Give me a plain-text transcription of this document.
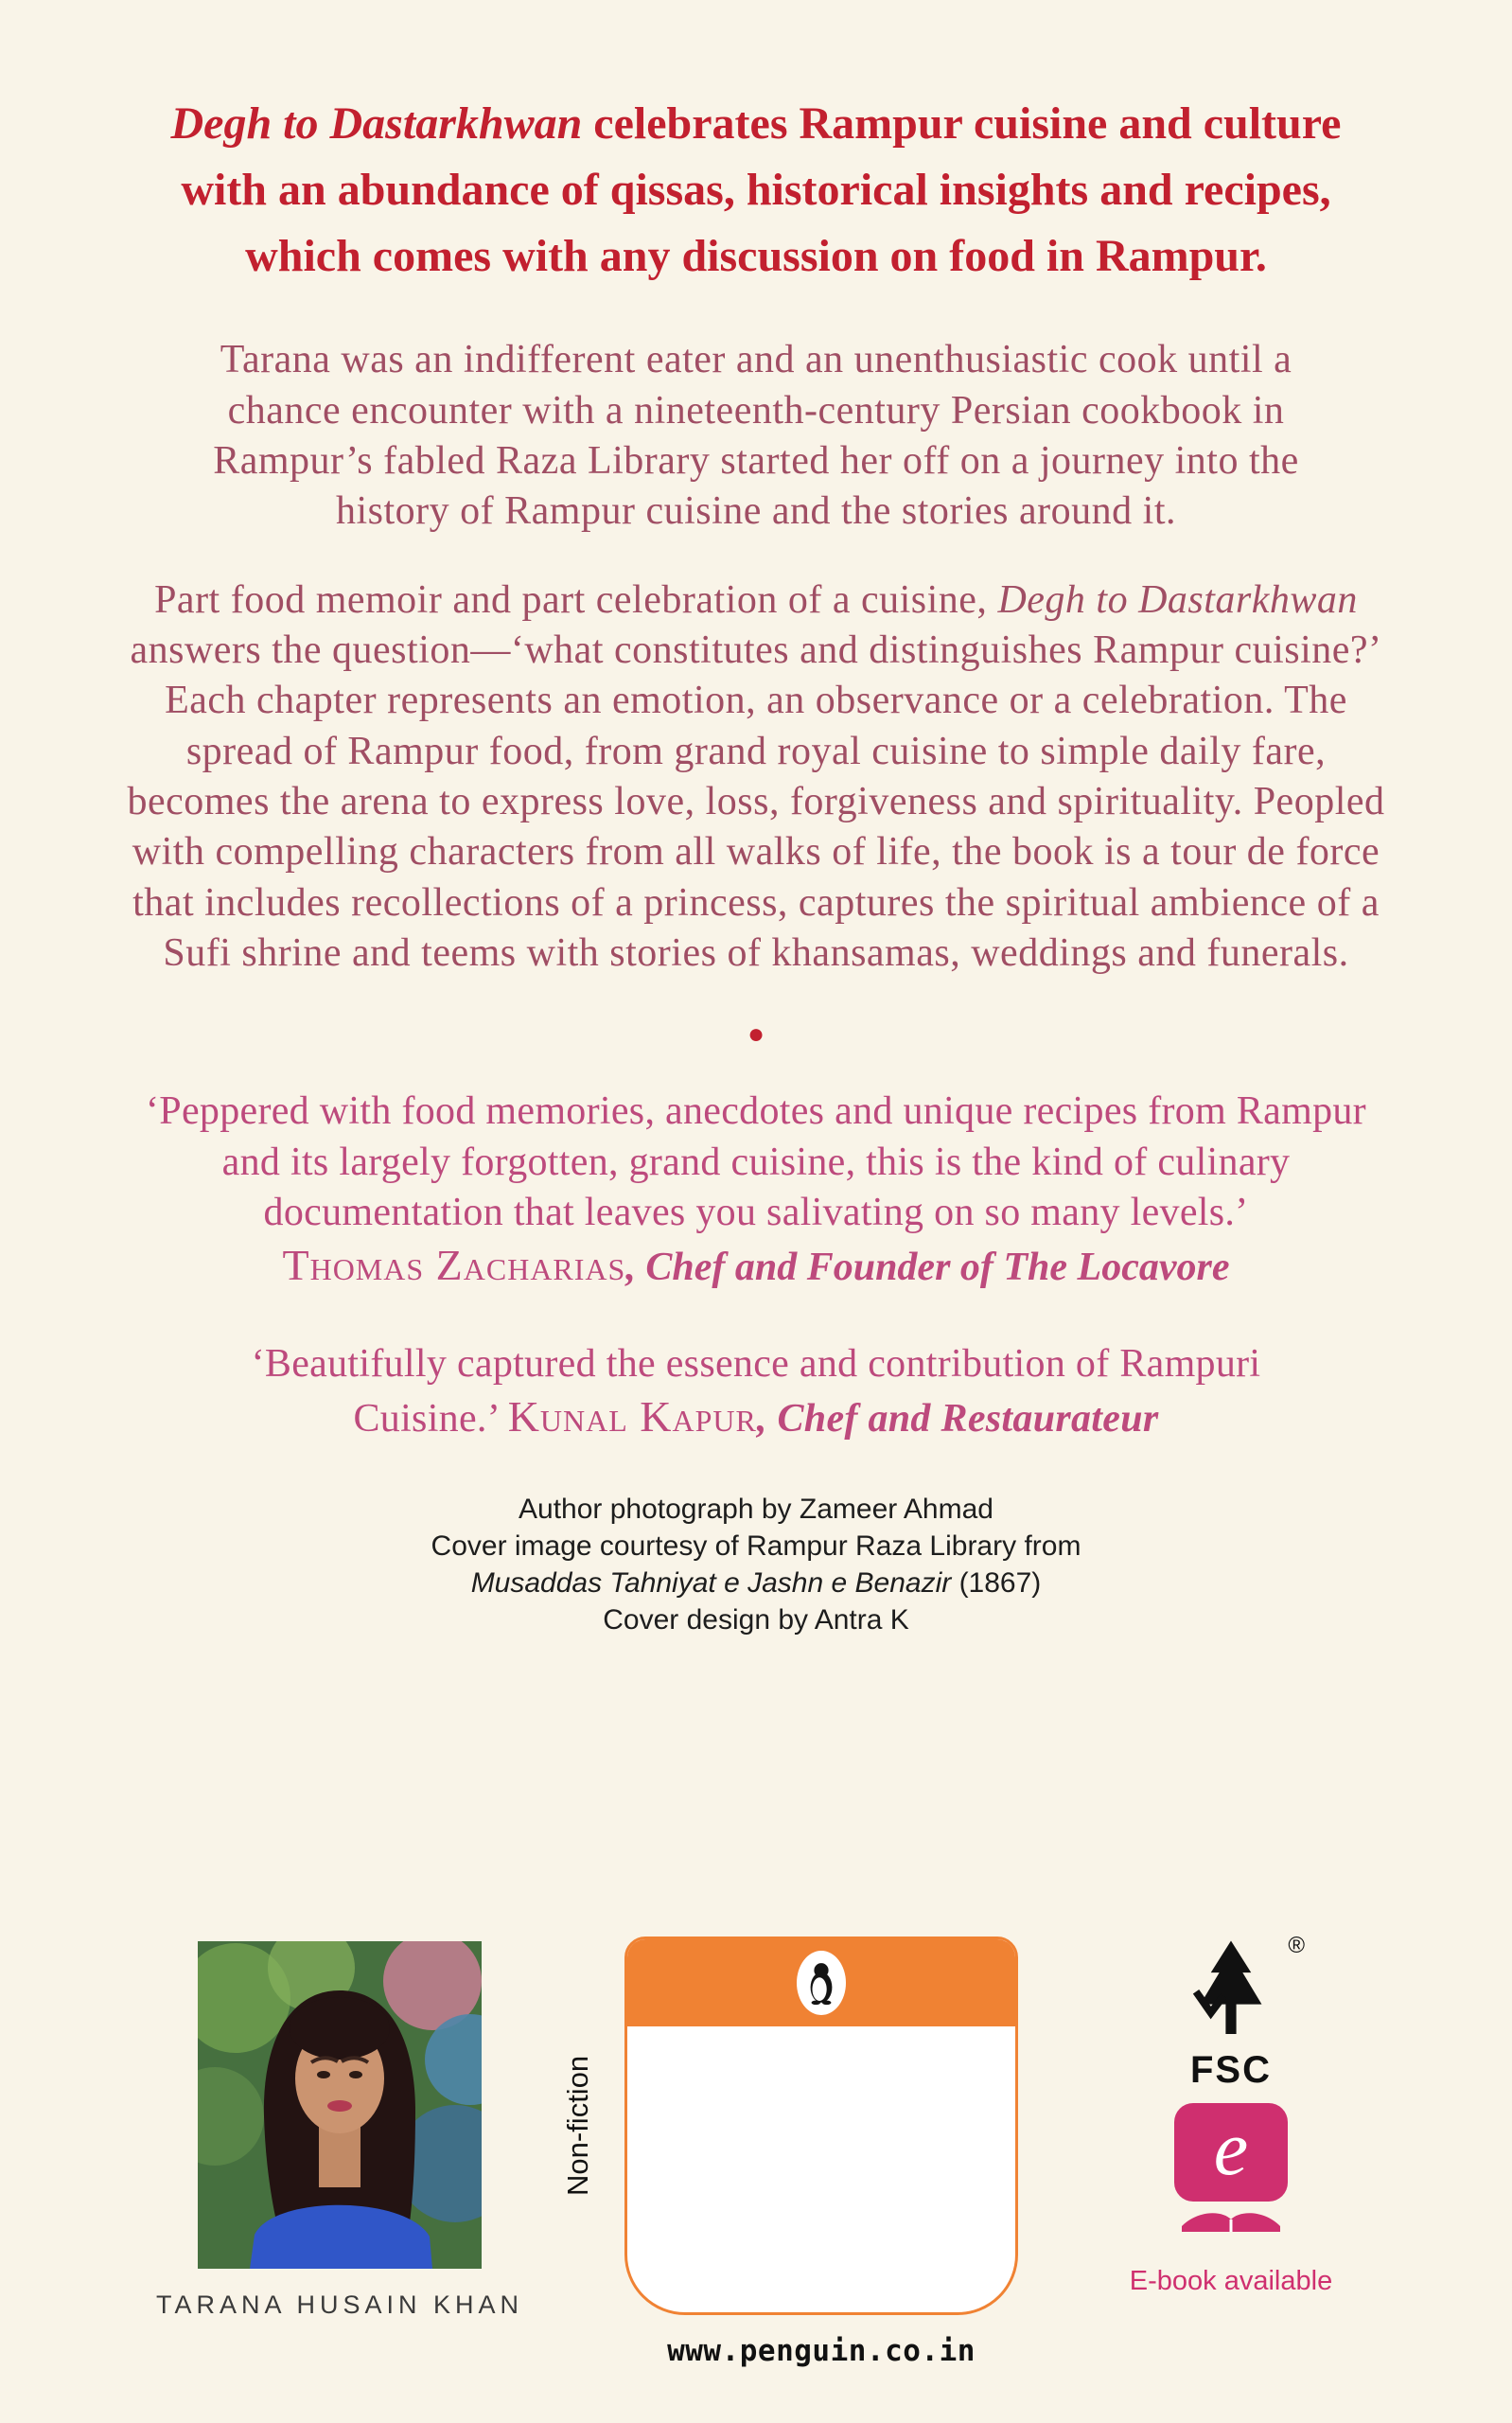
Degh to Dastarkhwan celebrates Rampur cuisine and culture with an abundance of qissas, historical insights and recipes, which comes with any discussion on food in Rampur.

Tarana was an indifferent eater and an unenthusiastic cook until a chance encounter with a nineteenth-century Persian cookbook in Rampur’s fabled Raza Library started her off on a journey into the history of Rampur cuisine and the stories around it.

Part food memoir and part celebration of a cuisine, Degh to Dastarkhwan answers the question—‘what constitutes and distinguishes Rampur cuisine?’ Each chapter represents an emotion, an observance or a celebration. The spread of Rampur food, from grand royal cuisine to simple daily fare, becomes the arena to express love, loss, forgiveness and spirituality. Peopled with compelling characters from all walks of life, the book is a tour de force that includes recollections of a princess, captures the spiritual ambience of a Sufi shrine and teems with stories of khansamas, weddings and funerals.

●
‘Peppered with food memories, anecdotes and unique recipes from Rampur and its largely forgotten, grand cuisine, this is the kind of culinary documentation that leaves you salivating on so many levels.’
Thomas Zacharias, Chef and Founder of The Locavore
‘Beautifully captured the essence and contribution of Rampuri Cuisine.’ Kunal Kapur, Chef and Restaurateur
Author photograph by Zameer Ahmad
Cover image courtesy of Rampur Raza Library from
Musaddas Tahniyat e Jashn e Benazir (1867)
Cover design by Antra K
TARANA HUSAIN KHAN
Non-fiction
www.penguin.co.in
®
FSC
e
E-book available
